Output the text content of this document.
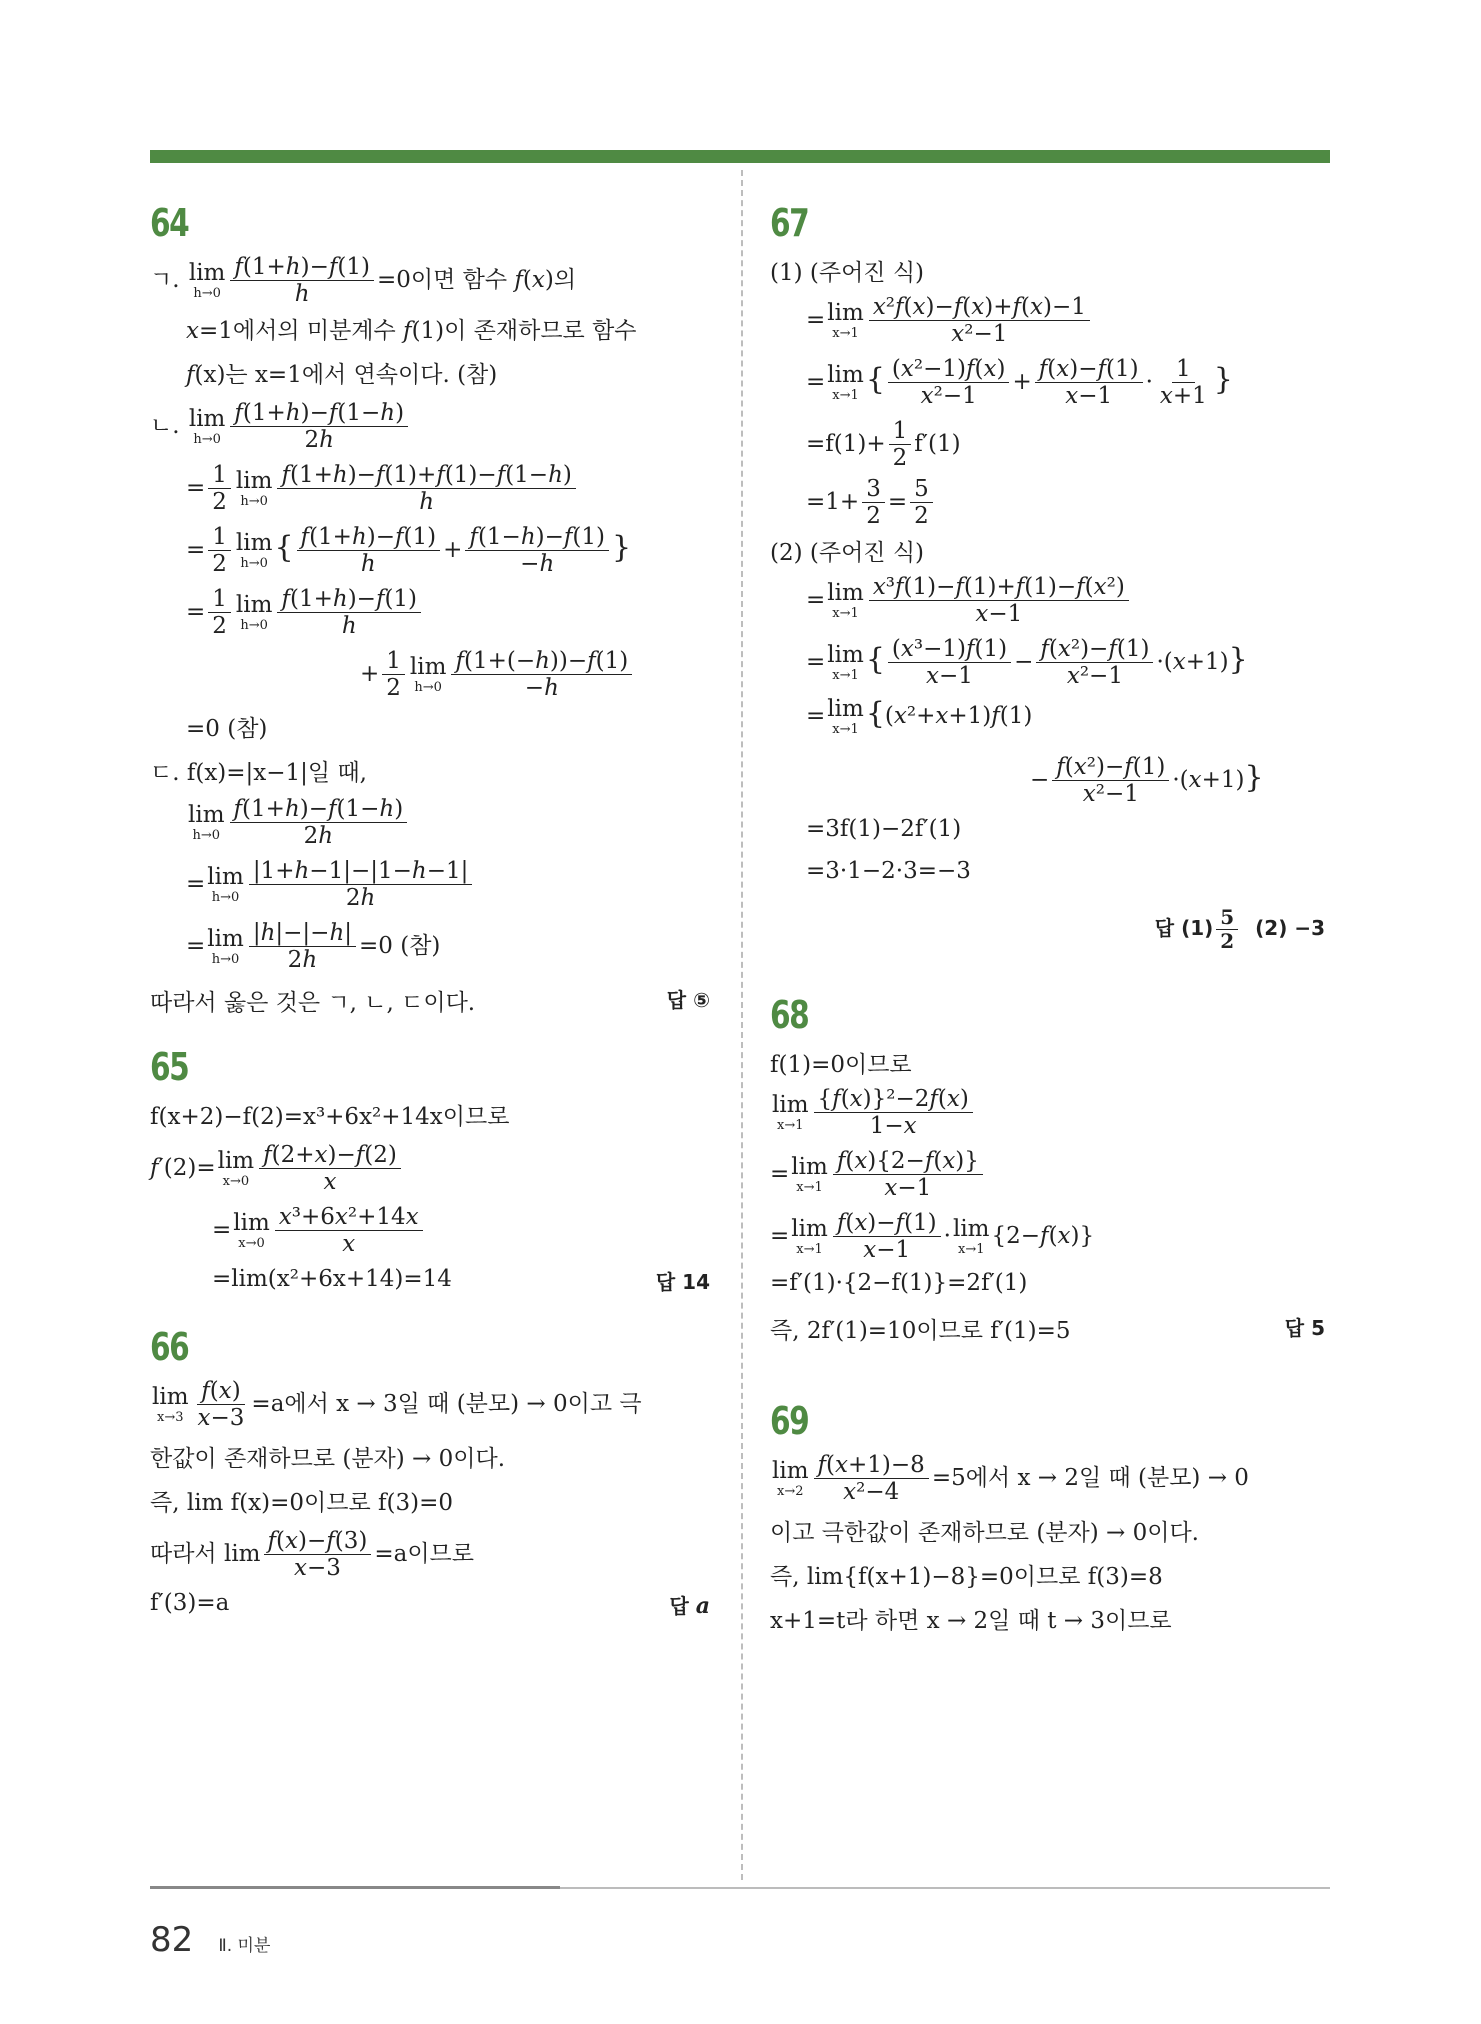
64
ㄱ. lim
$h\to 0 \frac{f(1+h)-f(1)}{h} =0$이면 함수 f(x)의
x=1에서의 미분계수 f(1)이 존재하므로 함수
f(x)는 x=1에서 연속이다. (참)
ㄴ. lim
$h\to 0 \frac{f(1+h)-f(1-h)}{2h}$
= $\frac{1}{2}$ lim
$h\to 0 \frac{f(1+h)-f(1)+f(1)-f(1-h)}{h}$
= $\frac{1}{2}$ lim
h→0 { $\frac{f(1+h)-f(1)}{h} + \frac{f(1-h)-f(1)}{-h}$ }
= $\frac{1}{2}$ lim
$h\to 0 \frac{f(1+h)-f(1)}{h}$
+ $\frac{1}{2}$ lim
$h\to 0 \frac{f(1+(-h))-f(1)}{-h}$
=0 (참)
ㄷ. f(x)=|x−1|일 때,
lim
$h\to 0 \frac{f(1+h)-f(1-h)}{2h}$
=lim
$h\to 0 \frac{|1+h-1|-|1-h-1|}{2h}$
=lim
$h\to 0 \frac{|h|-|-h|}{2h} =0$ (참)
따라서 옳은 것은 ㄱ, ㄴ, ㄷ이다.	답 ⑤
65
f(x+2)−f(2)=x³+6x²+14x이므로
f′(2)=lim
$x\to 0 \frac{f(2+x)-f(2)}{x}$
=lim
$x\to 0 \frac{\text{x³+6x²+14x}}{x}$
=lim(x²+6x+14)=14	답 14
66
lim
$x\to 3 \frac{f(x)}{x-3} =a$에서 x → 3일 때 (분모) → 0이고 극
한값이 존재하므로 (분자) → 0이다.
즉, lim f(x)=0이므로 f(3)=0
따라서 $\lim \frac{f(x)-f(3)}{x-3} =a$이므로
f′(3)=a	답 a
67
(1) (주어진 식)
=lim
$x\to 1 \frac{\text{x²f(x)−f(x)+f(x)−1}}{\text{x²−1}}$
=lim
x→1 { $\frac{\text{(x²−1)f(x)}}{\text{x²−1}} + \frac{f(x)-f(1)}{x-1} \cdot \frac{1}{x+1}$ }
$=f(1)+ \frac{1}{2} f'(1)$
$=1+ \frac{3}{2} = \frac{5}{2}$
(2) (주어진 식)
=lim
$x\to 1 \frac{\text{x³f(1)−f(1)+f(1)−f(x²)}}{x-1}$
=lim
x→1 { $\frac{\text{(x³−1)f(1)}}{x-1} - \frac{\text{f(x²)−f(1)}}{\text{x²−1}} \cdot(x+1)$}
=lim
x→1 {(x²+x+1)f(1)
− $\frac{\text{f(x²)−f(1)}}{\text{x²−1}} \cdot(x+1)$}
=3f(1)−2f′(1)
=3·1−2·3=−3
답 $(1) \frac{5}{2} (2) -3$
68
f(1)=0이므로
lim
$x\to 1 \frac{\text{\{f(x)\}²−2f(x)}}{1-x}$
=lim
$x\to 1 \frac{f(x)\{2-f(x)\}}{x-1}$
=lim
$x\to 1 \frac{f(x)-f(1)}{x-1} \cdot\lim$
x→1
{2−f(x)}
=f′(1)·{2−f(1)}=2f′(1)
즉, 2f′(1)=10이므로 f′(1)=5	답 5
69
lim
$x\to 2 \frac{f(x+1)-8}{\text{x²−4}} =5$에서 x → 2일 때 (분모) → 0
이고 극한값이 존재하므로 (분자) → 0이다.
즉, lim{f(x+1)−8}=0이므로 f(3)=8
x+1=t라 하면 x → 2일 때 t → 3이므로
82 Ⅱ. 미분
